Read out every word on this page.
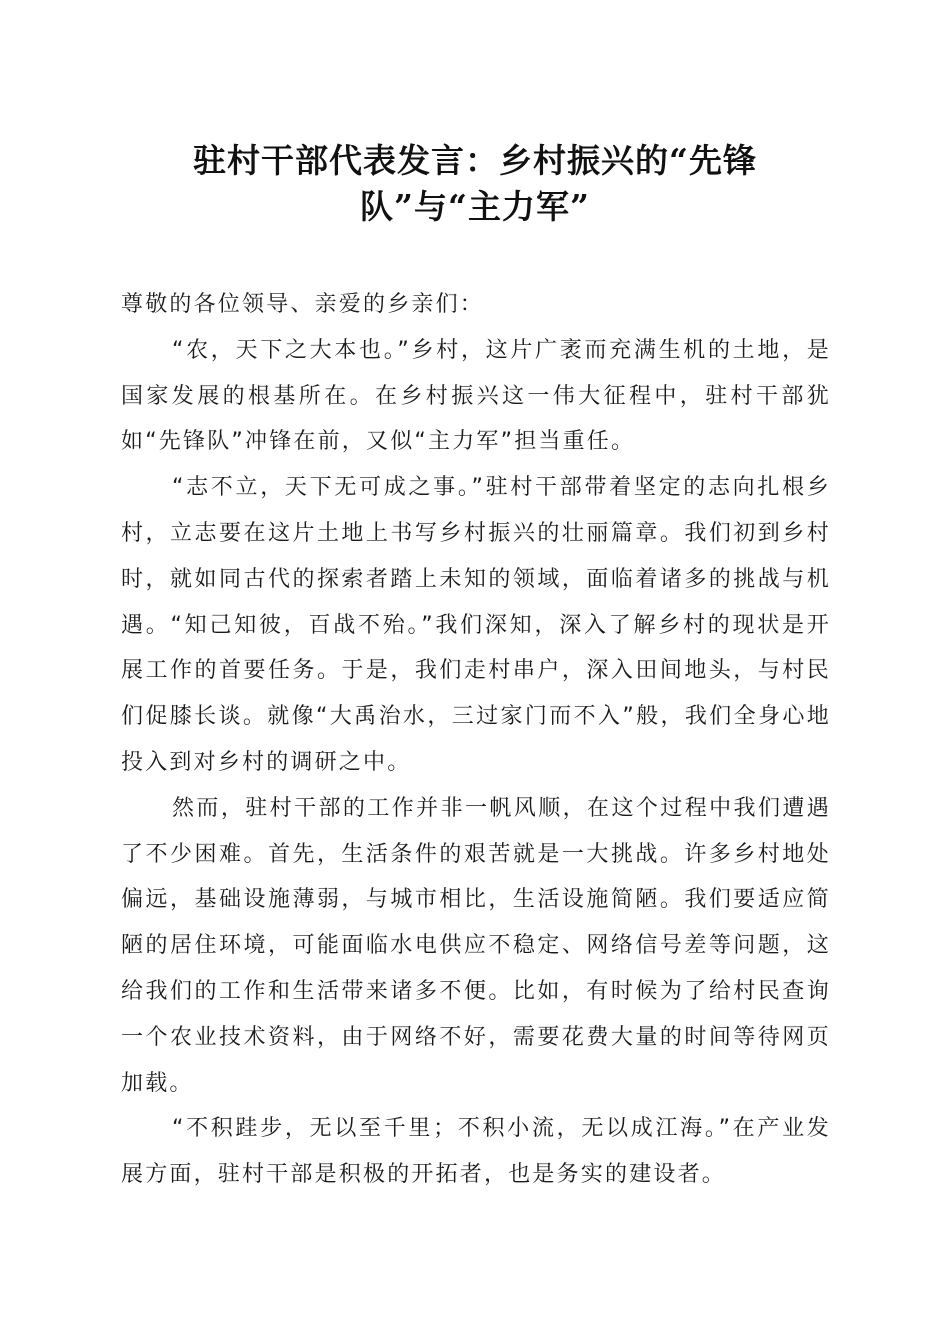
驻村干部代表发言：乡村振兴的“先锋
队”与“主力军”

尊敬的各位领导、亲爱的乡亲们：

“农，天下之大本也。”乡村，这片广袤而充满生机的土地，是国家发展的根基所在。在乡村振兴这一伟大征程中，驻村干部犹如“先锋队”冲锋在前，又似“主力军”担当重任。

“志不立，天下无可成之事。”驻村干部带着坚定的志向扎根乡村，立志要在这片土地上书写乡村振兴的壮丽篇章。我们初到乡村时，就如同古代的探索者踏上未知的领域，面临着诸多的挑战与机遇。“知己知彼，百战不殆。”我们深知，深入了解乡村的现状是开展工作的首要任务。于是，我们走村串户，深入田间地头，与村民们促膝长谈。就像“大禹治水，三过家门而不入”般，我们全身心地投入到对乡村的调研之中。

然而，驻村干部的工作并非一帆风顺，在这个过程中我们遭遇了不少困难。首先，生活条件的艰苦就是一大挑战。许多乡村地处偏远，基础设施薄弱，与城市相比，生活设施简陋。我们要适应简陋的居住环境，可能面临水电供应不稳定、网络信号差等问题，这给我们的工作和生活带来诸多不便。比如，有时候为了给村民查询一个农业技术资料，由于网络不好，需要花费大量的时间等待网页加载。

“不积跬步，无以至千里；不积小流，无以成江海。”在产业发展方面，驻村干部是积极的开拓者，也是务实的建设者。
